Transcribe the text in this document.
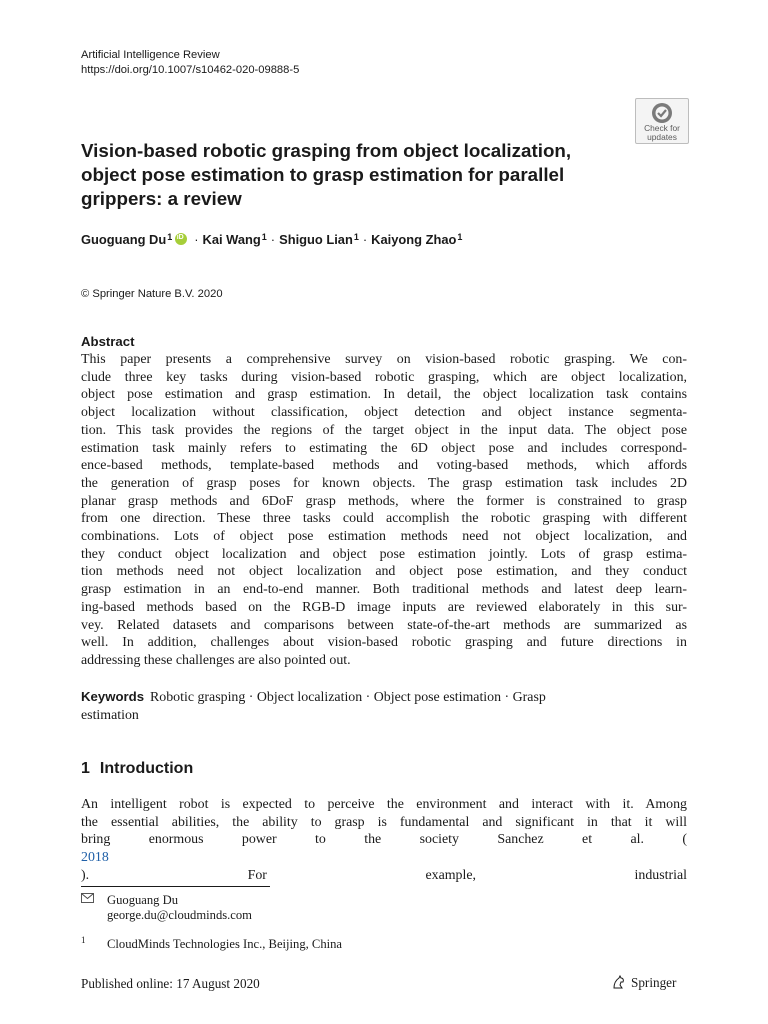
Artificial Intelligence Review
https://doi.org/10.1007/s10462-020-09888-5
Check for
updates
Vision-based robotic grasping from object localization,
object pose estimation to grasp estimation for parallel
grippers: a review
Guoguang $Du^1iD$ · Kai Wang$^1$ · Shiguo Lian$^1$ · Kaiyong Zhao$^1$
© Springer Nature B.V. 2020
Abstract
This paper presents a comprehensive survey on vision-based robotic grasping. We con-
clude three key tasks during vision-based robotic grasping, which are object localization,
object pose estimation and grasp estimation. In detail, the object localization task contains
object localization without classification, object detection and object instance segmenta-
tion. This task provides the regions of the target object in the input data. The object pose
estimation task mainly refers to estimating the 6D object pose and includes correspond-
ence-based methods, template-based methods and voting-based methods, which affords
the generation of grasp poses for known objects. The grasp estimation task includes 2D
planar grasp methods and 6DoF grasp methods, where the former is constrained to grasp
from one direction. These three tasks could accomplish the robotic grasping with different
combinations. Lots of object pose estimation methods need not object localization, and
they conduct object localization and object pose estimation jointly. Lots of grasp estima-
tion methods need not object localization and object pose estimation, and they conduct
grasp estimation in an end-to-end manner. Both traditional methods and latest deep learn-
ing-based methods based on the RGB-D image inputs are reviewed elaborately in this sur-
vey. Related datasets and comparisons between state-of-the-art methods are summarized as
well. In addition, challenges about vision-based robotic grasping and future directions in
addressing these challenges are also pointed out.
Keywords Robotic grasping · Object localization · Object pose estimation · Grasp
estimation
1 Introduction
An intelligent robot is expected to perceive the environment and interact with it. Among
the essential abilities, the ability to grasp is fundamental and significant in that it will
bring enormous power to the society Sanchez et al. (
2018
). For example, industrial
Guoguang Du
george.du@cloudminds.com
1 CloudMinds Technologies Inc., Beijing, China
Published online: 17 August 2020	Springer
